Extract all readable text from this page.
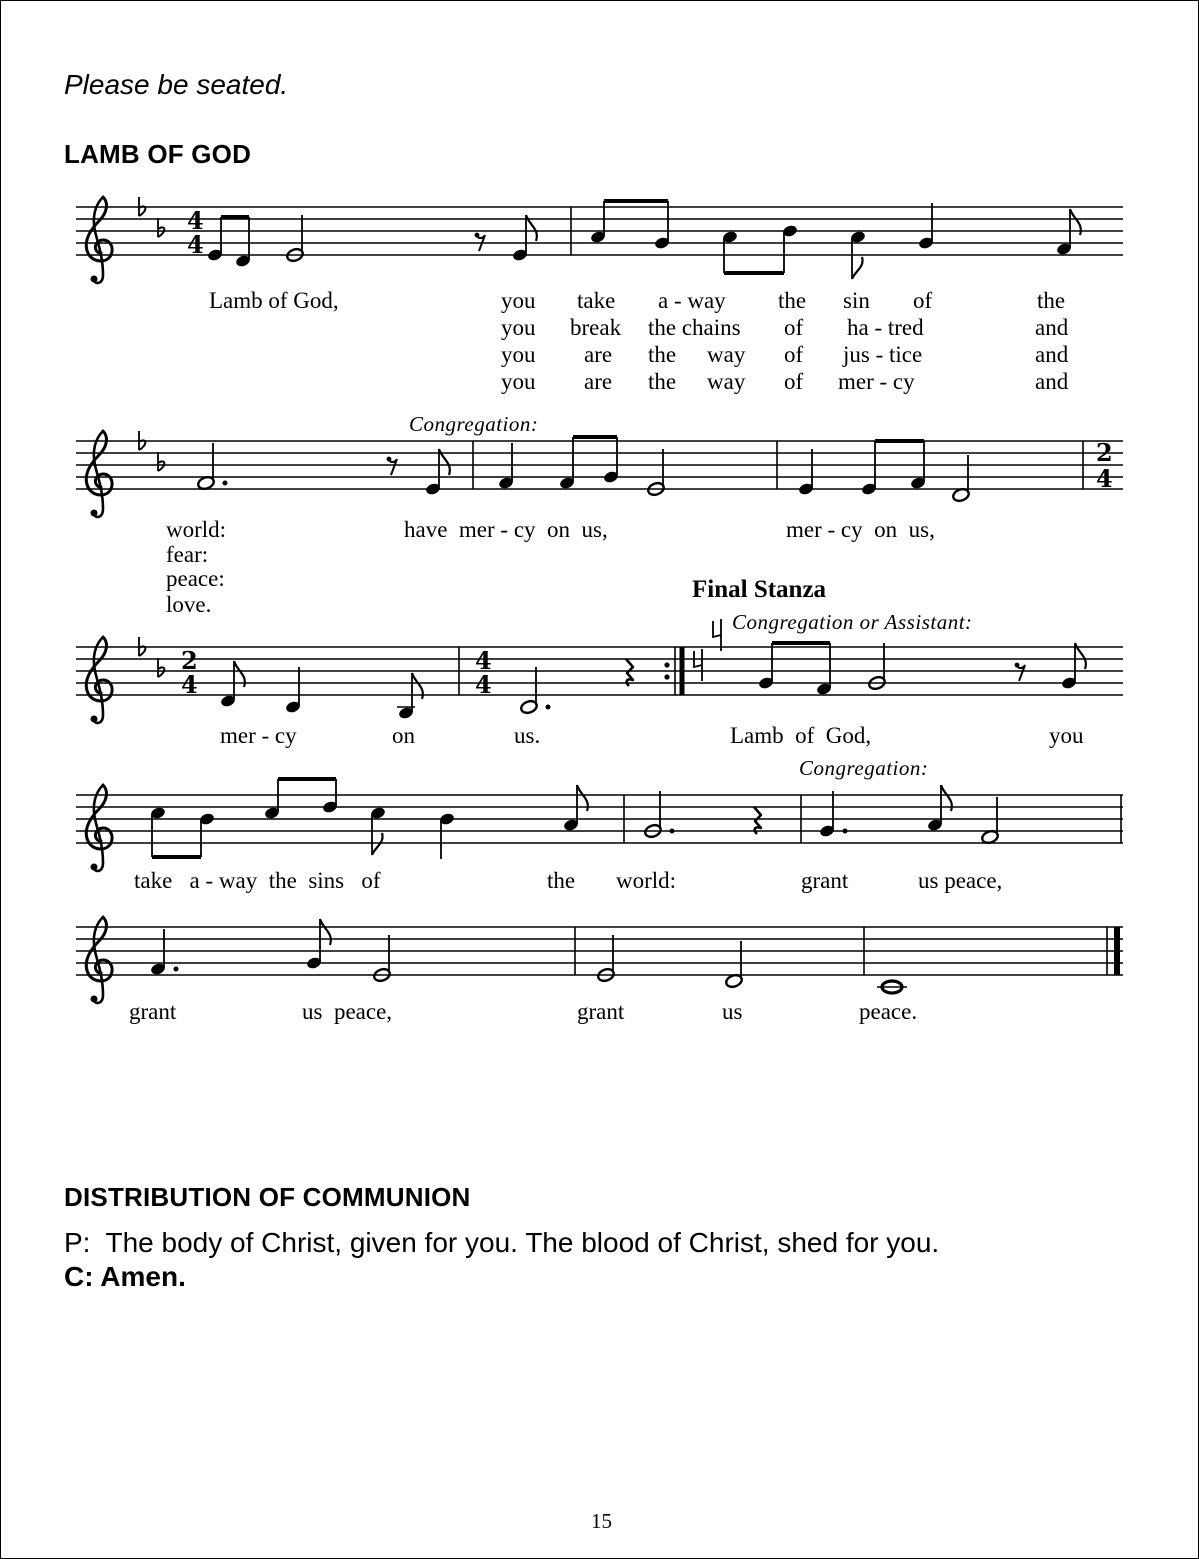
Please be seated.
LAMB OF GOD
4
4
2
4
2
4
4
4
Lamb of God,	you take a - way the sin of	the
you break the chains of ha - tred	and
you are the way of jus - tice	and
you are the way of mer - cy	and
Congregation:
world:
fear:
peace:
love.
have  mer - cy  on  us,	mer - cy  on  us,
Final Stanza
Congregation or Assistant:
mer - cy	on	us.	Lamb  of  God,	you
Congregation:
take   a - way  the  sins   of	the world:	grant	us peace,
grant	us  peace,	grant	us	peace.
DISTRIBUTION OF COMMUNION
P:  The body of Christ, given for you. The blood of Christ, shed for you.
C: Amen.
15
